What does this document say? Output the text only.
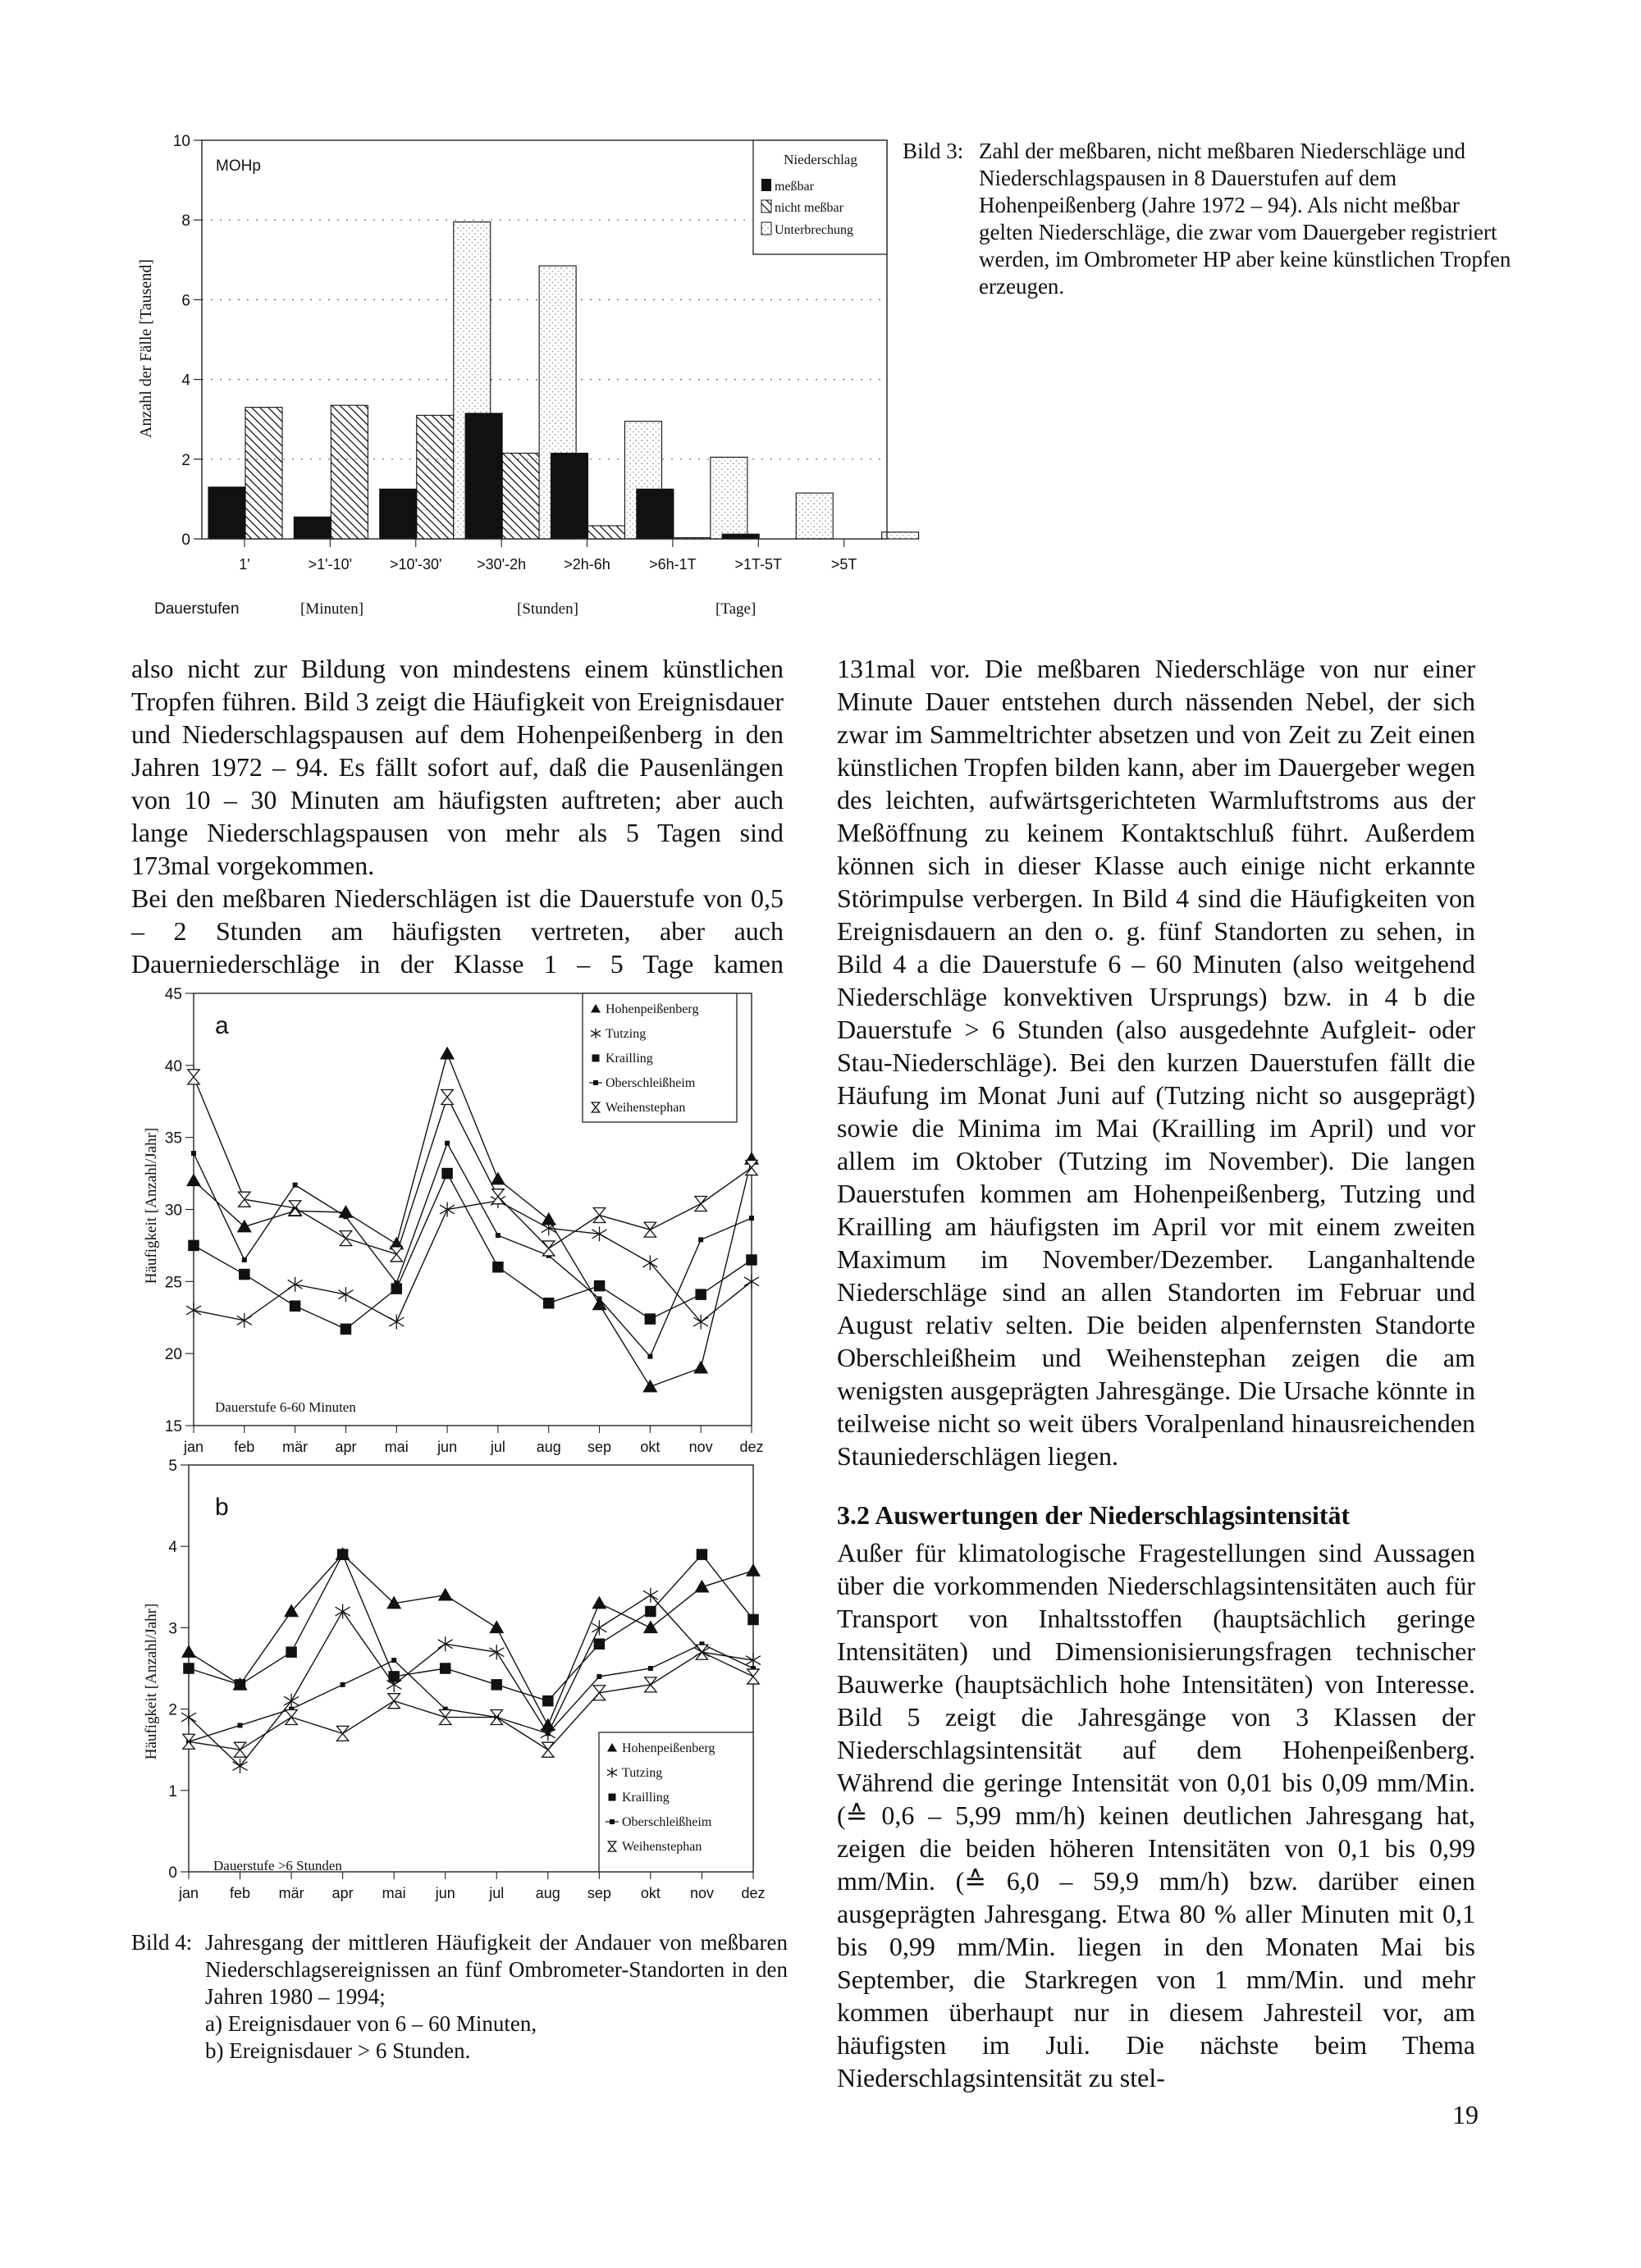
0
2
4
6
8
10
1'	>1'-10'	>10'-30' >30'-2h	>2h-6h	>6h-1T	>1T-5T	>5T
MOHp
Anzahl der Fälle [Tausend]
Niederschlag
meßbar
nicht meßbar
Unterbrechung
Dauerstufen	[Minuten]	[Stunden]	[Tage]
Bild 3: Zahl der meßbaren, nicht meßbaren Niederschläge und Niederschlagspausen in 8 Dauerstufen auf dem Hohenpeißenberg (Jahre 1972 – 94). Als nicht meßbar gelten Niederschläge, die zwar vom Dauergeber registriert werden, im Ombrometer HP aber keine künstlichen Tropfen erzeugen.

also nicht zur Bildung von mindestens einem künstlichen Tropfen führen. Bild 3 zeigt die Häufigkeit von Ereignisdauer und Niederschlagspausen auf dem Hohenpeißenberg in den Jahren 1972 – 94. Es fällt sofort auf, daß die Pausenlängen von 10 – 30 Minuten am häufigsten auftreten; aber auch lange Niederschlagspausen von mehr als 5 Tagen sind 173mal vorgekommen.

Bei den meßbaren Niederschlägen ist die Dauerstufe von 0,5 – 2 Stunden am häufigsten vertreten, aber auch Dauerniederschläge in der Klasse 1 – 5 Tage kamen

15
20
25
30
35
40
45
jan feb mär apr mai jun jul aug sep okt nov dez
a
Dauerstufe 6-60 Minuten
Häufigkeit [Anzahl/Jahr]
Hohenpeißenberg
Tutzing
Krailling
Oberschleißheim
Weihenstephan
0
1
2
3
4
5
jan feb mär apr mai jun jul aug sep okt nov dez
b
Dauerstufe >6 Stunden
Häufigkeit [Anzahl/Jahr]	Hohenpeißenberg
Tutzing
Krailling
Oberschleißheim
Weihenstephan
Bild 4: Jahresgang der mittleren Häufigkeit der Andauer von meßbaren Niederschlagsereignissen an fünf Ombrometer-Standorten in den Jahren 1980 – 1994;
a) Ereignisdauer von 6 – 60 Minuten,
b) Ereignisdauer > 6 Stunden.

131mal vor. Die meßbaren Niederschläge von nur einer Minute Dauer entstehen durch nässenden Nebel, der sich zwar im Sammeltrichter absetzen und von Zeit zu Zeit einen künstlichen Tropfen bilden kann, aber im Dauergeber wegen des leichten, aufwärtsgerichteten Warmluftstroms aus der Meßöffnung zu keinem Kontaktschluß führt. Außerdem können sich in dieser Klasse auch einige nicht erkannte Störimpulse verbergen. In Bild 4 sind die Häufigkeiten von Ereignisdauern an den o. g. fünf Standorten zu sehen, in Bild 4 a die Dauerstufe 6 – 60 Minuten (also weitgehend Niederschläge konvektiven Ursprungs) bzw. in 4 b die Dauerstufe > 6 Stunden (also ausgedehnte Aufgleit- oder Stau-Niederschläge). Bei den kurzen Dauerstufen fällt die Häufung im Monat Juni auf (Tutzing nicht so ausgeprägt) sowie die Minima im Mai (Krailling im April) und vor allem im Oktober (Tutzing im November). Die langen Dauerstufen kommen am Hohenpeißenberg, Tutzing und Krailling am häufigsten im April vor mit einem zweiten Maximum im November/Dezember. Langanhaltende Niederschläge sind an allen Standorten im Februar und August relativ selten. Die beiden alpenfernsten Standorte Oberschleißheim und Weihenstephan zeigen die am wenigsten ausgeprägten Jahresgänge. Die Ursache könnte in teilweise nicht so weit übers Voralpenland hinausreichenden Stauniederschlägen liegen.

3.2 Auswertungen der Niederschlagsintensität

Außer für klimatologische Fragestellungen sind Aussagen über die vorkommenden Niederschlagsintensitäten auch für Transport von Inhaltsstoffen (hauptsächlich geringe Intensitäten) und Dimensionisierungsfragen technischer Bauwerke (hauptsächlich hohe Intensitäten) von Interesse. Bild 5 zeigt die Jahresgänge von 3 Klassen der Niederschlagsintensität auf dem Hohenpeißenberg. Während die geringe Intensität von 0,01 bis 0,09 mm/Min. (≙ 0,6 – 5,99 mm/h) keinen deutlichen Jahresgang hat, zeigen die beiden höheren Intensitäten von 0,1 bis 0,99 mm/Min. (≙ 6,0 – 59,9 mm/h) bzw. darüber einen ausgeprägten Jahresgang. Etwa 80 % aller Minuten mit 0,1 bis 0,99 mm/Min. liegen in den Monaten Mai bis September, die Starkregen von 1 mm/Min. und mehr kommen überhaupt nur in diesem Jahresteil vor, am häufigsten im Juli. Die nächste beim Thema Niederschlagsintensität zu stel-

19
